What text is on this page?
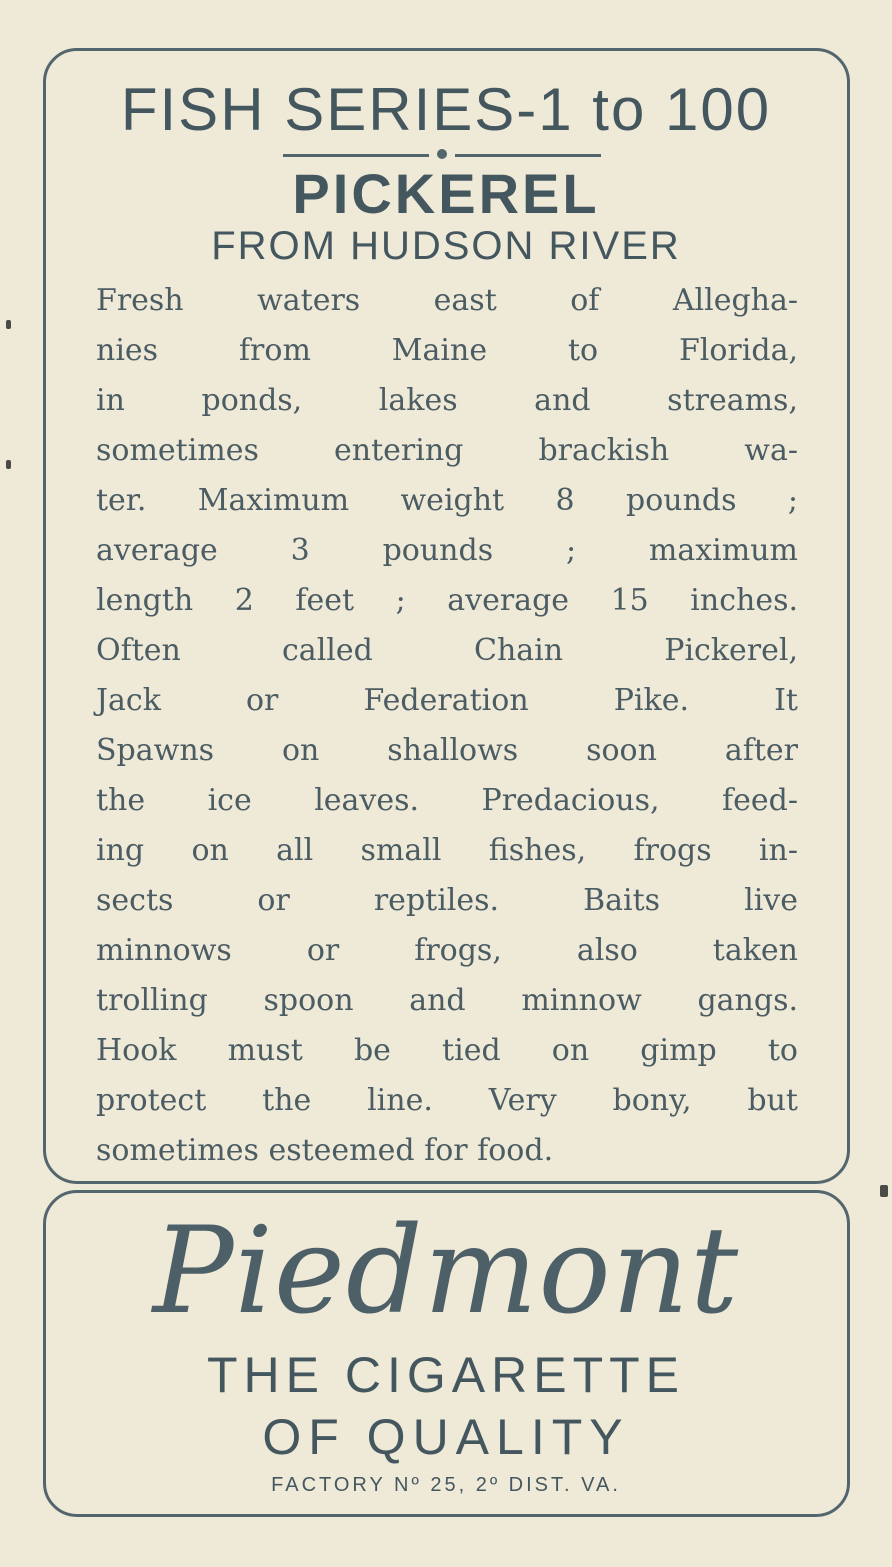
FISH SERIES-1 to 100
PICKEREL
FROM HUDSON RIVER
Fresh waters east of Allegha-
nies from Maine to Florida,
in ponds, lakes and streams,
sometimes entering brackish wa-
ter. Maximum weight 8 pounds ;
average 3 pounds ; maximum
length 2 feet ; average 15 inches.
Often called Chain Pickerel,
Jack or Federation Pike. It
Spawns on shallows soon after
the ice leaves. Predacious, feed-
ing on all small fishes, frogs in-
sects or reptiles. Baits live
minnows or frogs, also taken
trolling spoon and minnow gangs.
Hook must be tied on gimp to
protect the line. Very bony, but
sometimes esteemed for food.
Piedmont
THE CIGARETTE
OF QUALITY
FACTORY Nº 25, 2º DIST. VA.
